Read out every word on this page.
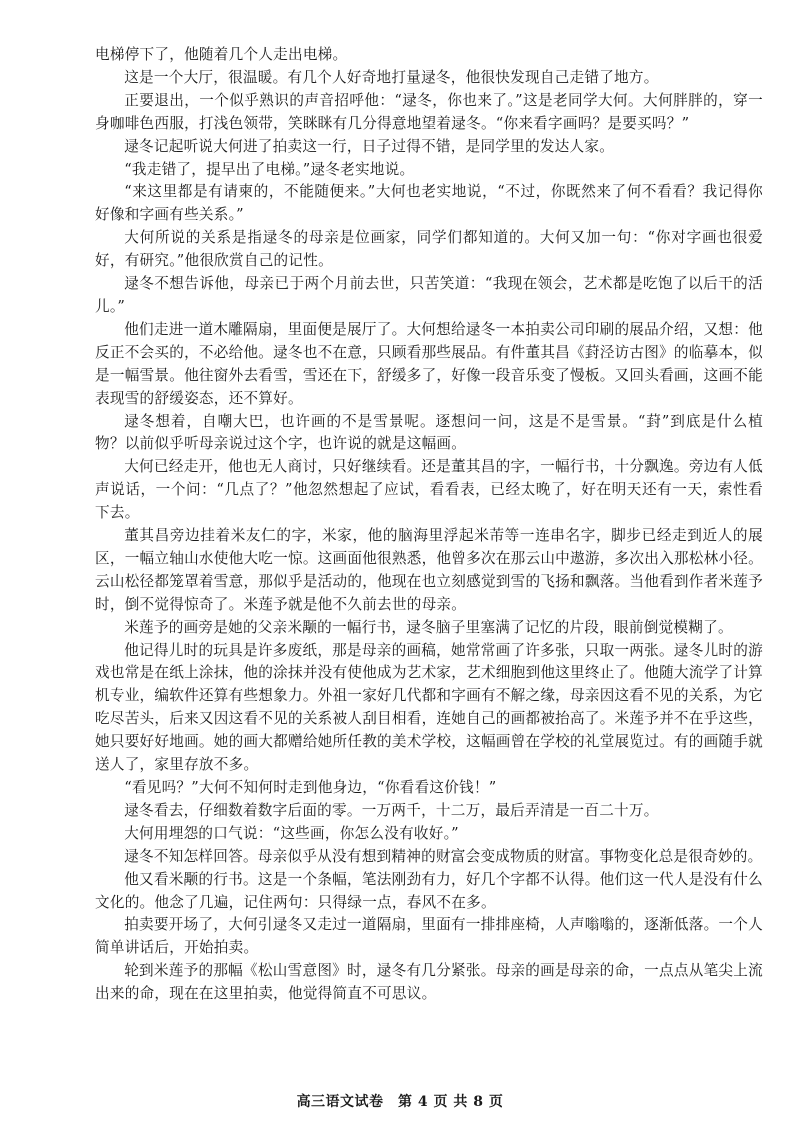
电梯停下了，他随着几个人走出电梯。

这是一个大厅，很温暖。有几个人好奇地打量逯冬，他很快发现自己走错了地方。

正要退出，一个似乎熟识的声音招呼他：“逯冬，你也来了。”这是老同学大何。大何胖胖的，穿一身咖啡色西服，打浅色领带，笑眯眯有几分得意地望着逯冬。“你来看字画吗？是要买吗？”

逯冬记起听说大何进了拍卖这一行，日子过得不错，是同学里的发达人家。

“我走错了，提早出了电梯。”逯冬老实地说。

“来这里都是有请柬的，不能随便来。”大何也老实地说，“不过，你既然来了何不看看？我记得你好像和字画有些关系。”

大何所说的关系是指逯冬的母亲是位画家，同学们都知道的。大何又加一句：“你对字画也很爱好，有研究。”他很欣赏自己的记性。

逯冬不想告诉他，母亲已于两个月前去世，只苦笑道：“我现在领会，艺术都是吃饱了以后干的活儿。”

他们走进一道木雕隔扇，里面便是展厅了。大何想给逯冬一本拍卖公司印刷的展品介绍，又想：他反正不会买的，不必给他。逯冬也不在意，只顾看那些展品。有件董其昌《葑泾访古图》的临摹本，似是一幅雪景。他往窗外去看雪，雪还在下，舒缓多了，好像一段音乐变了慢板。又回头看画，这画不能表现雪的舒缓姿态，还不算好。

逯冬想着，自嘲大巴，也许画的不是雪景呢。逐想问一问，这是不是雪景。“葑”到底是什么植物？以前似乎听母亲说过这个字，也许说的就是这幅画。

大何已经走开，他也无人商讨，只好继续看。还是董其昌的字，一幅行书，十分飘逸。旁边有人低声说话，一个问：“几点了？”他忽然想起了应试，看看表，已经太晚了，好在明天还有一天，索性看下去。

董其昌旁边挂着米友仁的字，米家，他的脑海里浮起米芾等一连串名字，脚步已经走到近人的展区，一幅立轴山水使他大吃一惊。这画面他很熟悉，他曾多次在那云山中遨游，多次出入那松林小径。云山松径都笼罩着雪意，那似乎是活动的，他现在也立刻感觉到雪的飞扬和飘落。当他看到作者米莲予时，倒不觉得惊奇了。米莲予就是他不久前去世的母亲。

米莲予的画旁是她的父亲米颙的一幅行书，逯冬脑子里塞满了记忆的片段，眼前倒觉模糊了。

他记得儿时的玩具是许多废纸，那是母亲的画稿，她常常画了许多张，只取一两张。逯冬儿时的游戏也常是在纸上涂抹，他的涂抹并没有使他成为艺术家，艺术细胞到他这里终止了。他随大流学了计算机专业，编软件还算有些想象力。外祖一家好几代都和字画有不解之缘，母亲因这看不见的关系，为它吃尽苦头，后来又因这看不见的关系被人刮目相看，连她自己的画都被抬高了。米莲予并不在乎这些，她只要好好地画。她的画大都赠给她所任教的美术学校，这幅画曾在学校的礼堂展览过。有的画随手就送人了，家里存放不多。

“看见吗？”大何不知何时走到他身边，“你看看这价钱！”

逯冬看去，仔细数着数字后面的零。一万两千，十二万，最后弄清是一百二十万。

大何用埋怨的口气说：“这些画，你怎么没有收好。”

逯冬不知怎样回答。母亲似乎从没有想到精神的财富会变成物质的财富。事物变化总是很奇妙的。

他又看米颙的行书。这是一个条幅，笔法刚劲有力，好几个字都不认得。他们这一代人是没有什么文化的。他念了几遍，记住两句：只得绿一点，春风不在多。

拍卖要开场了，大何引逯冬又走过一道隔扇，里面有一排排座椅，人声嗡嗡的，逐渐低落。一个人简单讲话后，开始拍卖。

轮到米莲予的那幅《松山雪意图》时，逯冬有几分紧张。母亲的画是母亲的命，一点点从笔尖上流出来的命，现在在这里拍卖，他觉得简直不可思议。

高三语文试卷　第 4 页 共 8 页
